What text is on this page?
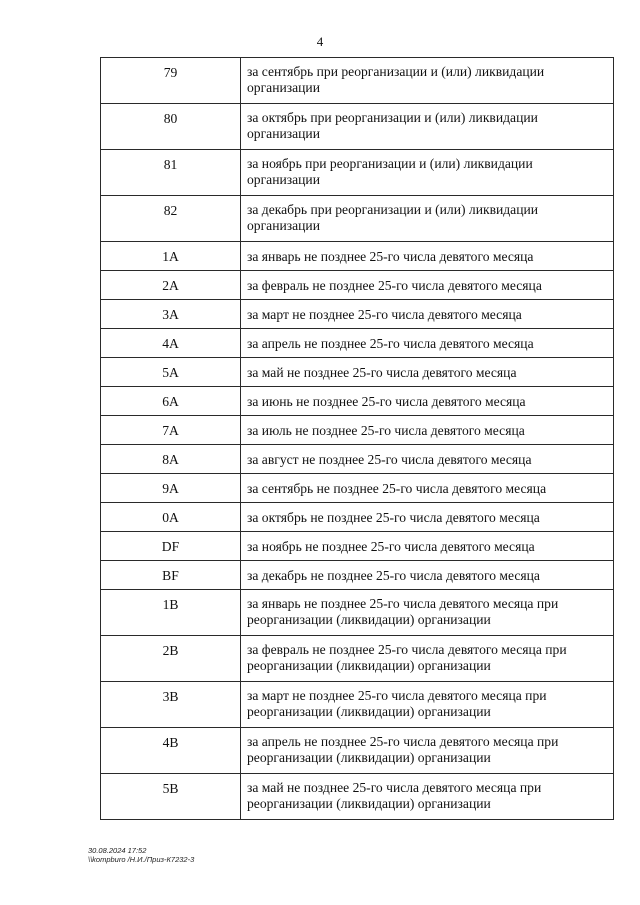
4
79	за сентябрь при реорганизации и (или) ликвидации организации
80	за октябрь при реорганизации и (или) ликвидации организации
81	за ноябрь при реорганизации и (или) ликвидации организации
82	за декабрь при реорганизации и (или) ликвидации организации
1A	за январь не позднее 25-го числа девятого месяца
2A	за февраль не позднее 25-го числа девятого месяца
3A	за март не позднее 25-го числа девятого месяца
4A	за апрель не позднее 25-го числа девятого месяца
5A	за май не позднее 25-го числа девятого месяца
6A	за июнь не позднее 25-го числа девятого месяца
7A	за июль не позднее 25-го числа девятого месяца
8A	за август не позднее 25-го числа девятого месяца
9A	за сентябрь не позднее 25-го числа девятого месяца
0A	за октябрь не позднее 25-го числа девятого месяца
DF	за ноябрь не позднее 25-го числа девятого месяца
BF	за декабрь не позднее 25-го числа девятого месяца
1B	за январь не позднее 25-го числа девятого месяца при реорганизации (ликвидации) организации
2B	за февраль не позднее 25-го числа девятого месяца при реорганизации (ликвидации) организации
3B	за март не позднее 25-го числа девятого месяца при реорганизации (ликвидации) организации
4B	за апрель не позднее 25-го числа девятого месяца при реорганизации (ликвидации) организации
5B	за май не позднее 25-го числа девятого месяца при реорганизации (ликвидации) организации
30.08.2024 17:52
\\kompburo /Н.И./Приз-К7232-3
